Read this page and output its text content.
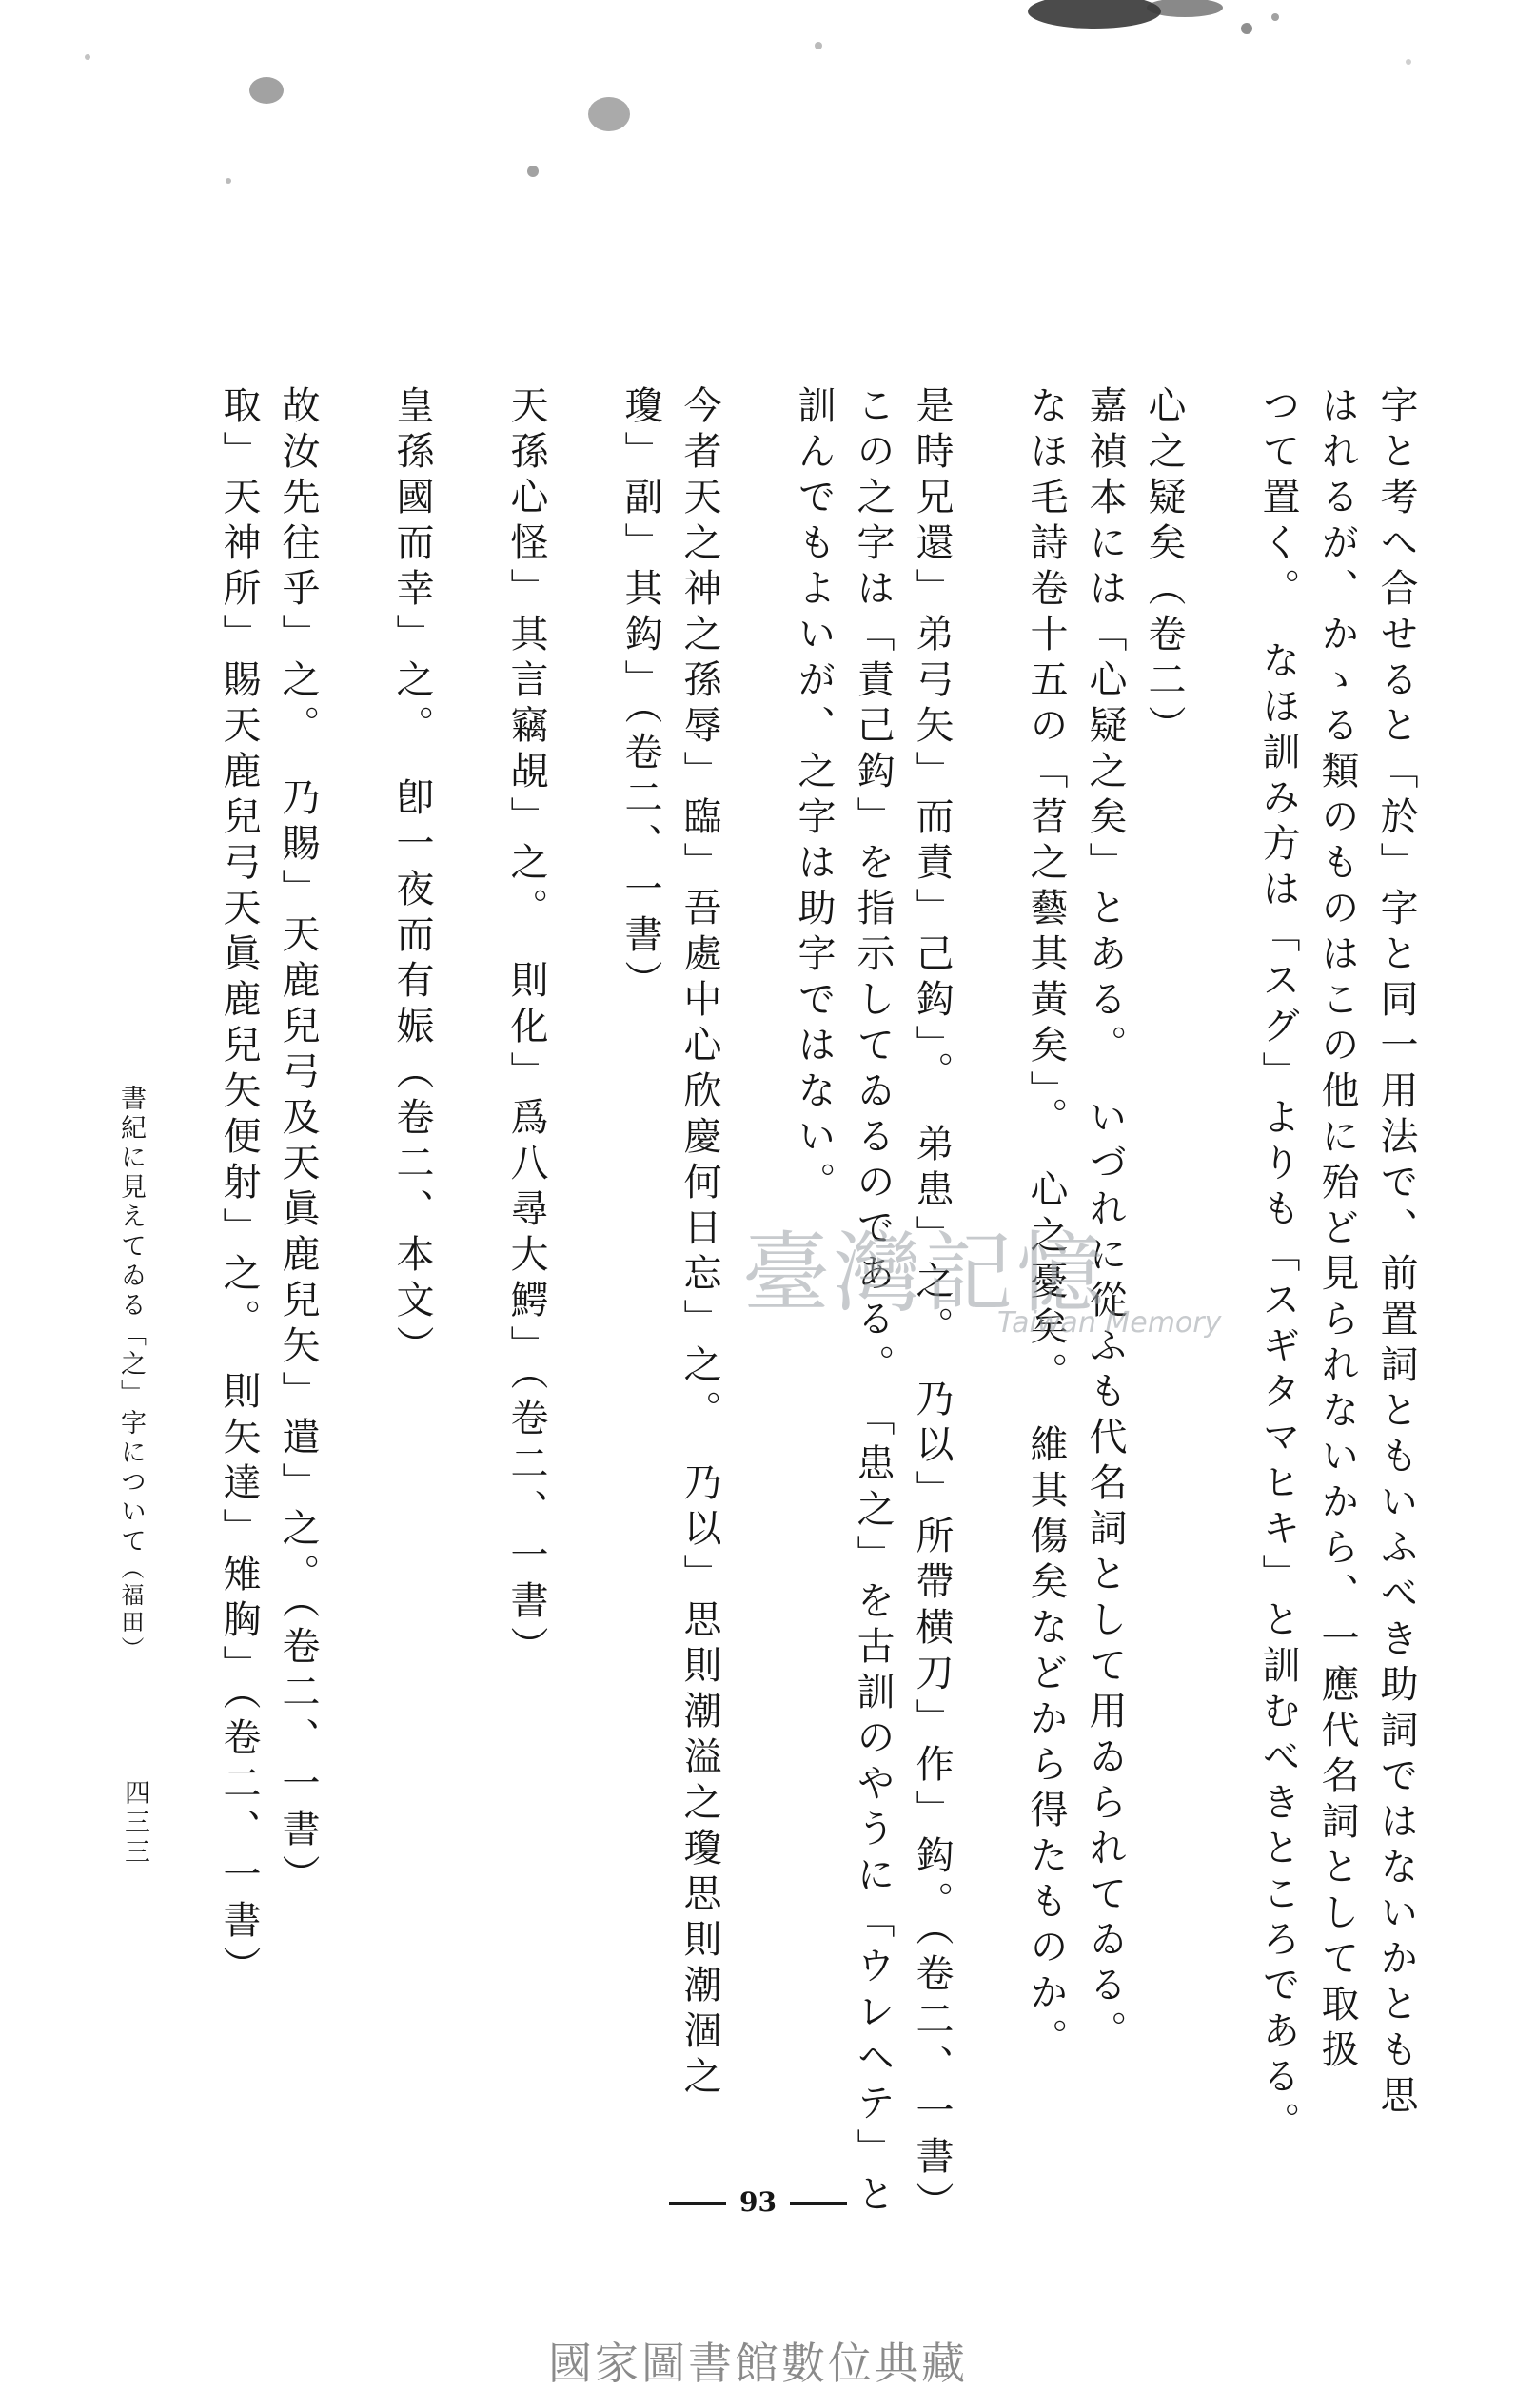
字と考へ合せると「於」字と同一用法で、前置詞ともいふべき助詞ではないかとも思

はれるが、かゝる類のものはこの他に殆ど見られないから、一應代名詞として取扱

つて置く。　なほ訓み方は「スグ」よりも「スギタマヒキ」と訓むべきところである。

心之疑矣（卷二）

嘉禎本には「心疑之矣」とある。　いづれに從ふも代名詞として用ゐられてゐる。

なほ毛詩卷十五の「苕之藝其黃矣」。　心之憂矣。　維其傷矣などから得たものか。

是時兄還」弟弓矢」而責」己鈎」。　弟患」之。　乃以」所帶横刀」作」鈎。（卷二、一書）

この之字は「責己鈎」を指示してゐるのである。　「患之」を古訓のやうに「ウレヘテ」と

訓んでもよいが、之字は助字ではない。

今者天之神之孫辱」臨」吾處中心欣慶何日忘」之。　乃以」思則潮溢之瓊思則潮涸之

瓊」副」其鈎」（卷二、一書）

天孫心怪」其言竊覘」之。　則化」爲八尋大鰐」（卷二、一書）

皇孫國而幸」之。　卽一夜而有娠（卷二、本文）

故汝先往乎」之。　乃賜」天鹿兒弓及天眞鹿兒矢」遣」之。（卷二、一書）

取」天神所」賜天鹿兒弓天眞鹿兒矢便射」之。　則矢達」雉胸」（卷二、一書）

書紀に見えてゐる「之」字について（福田）
四三三
臺灣記憶
Taiwan Memory
93
國家圖書館數位典藏
